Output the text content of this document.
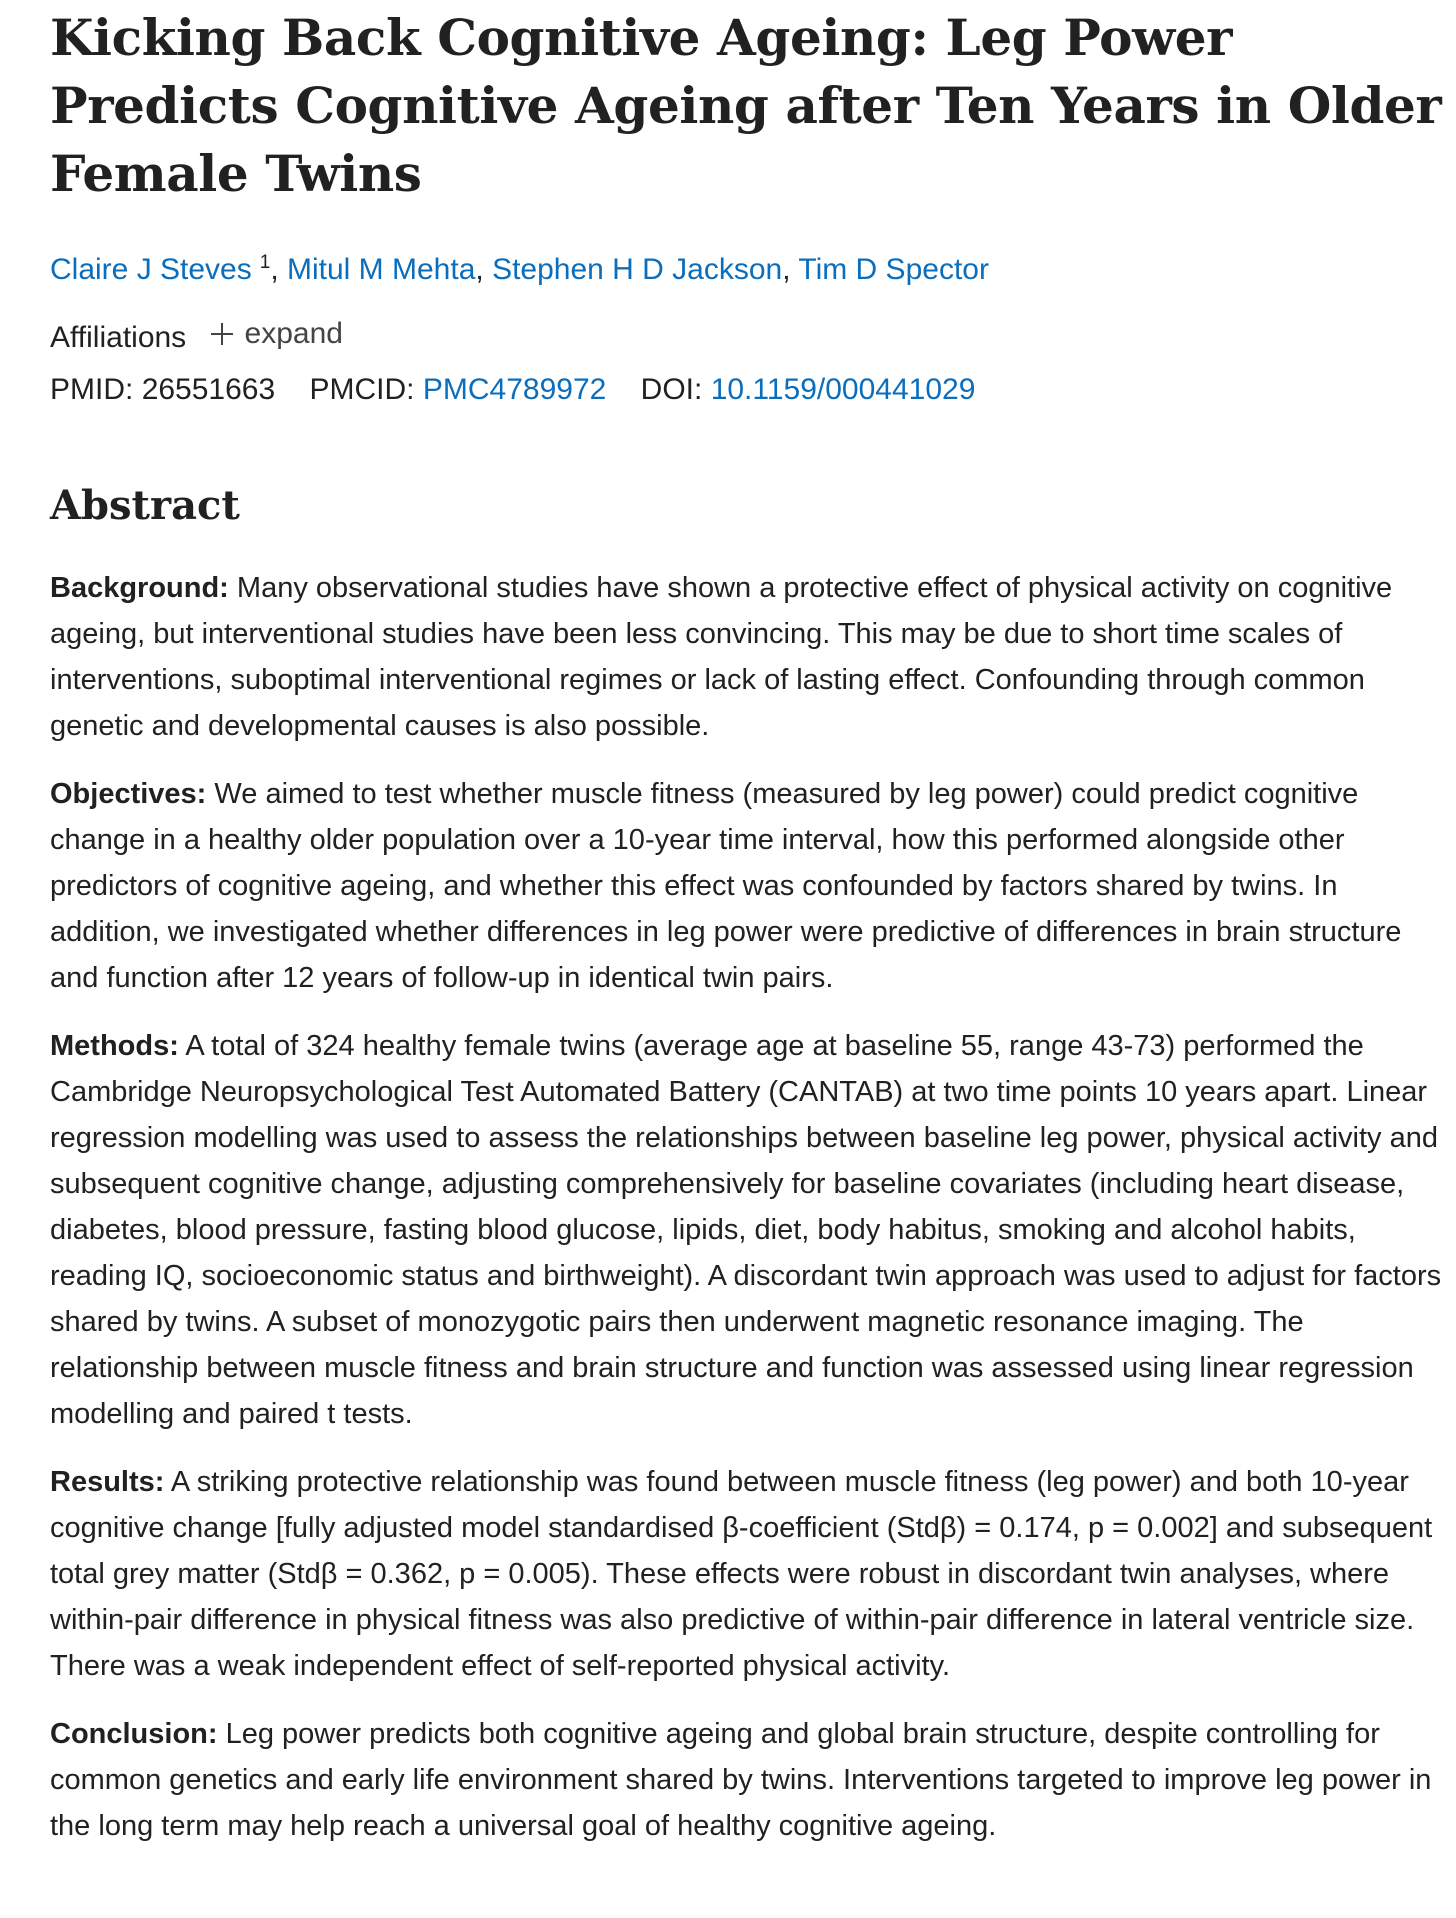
Kicking Back Cognitive Ageing: Leg Power Predicts Cognitive Ageing after Ten Years in Older Female Twins
Claire J Steves $^1$, Mitul M Mehta, Stephen H D Jackson, Tim D Spector
Affiliations expand
PMID: 26551663 PMCID: PMC4789972 DOI: 10.1159/000441029
Abstract

Background: Many observational studies have shown a protective effect of physical activity on cognitive ageing, but interventional studies have been less convincing. This may be due to short time scales of interventions, suboptimal interventional regimes or lack of lasting effect. Confounding through common genetic and developmental causes is also possible.

Objectives: We aimed to test whether muscle fitness (measured by leg power) could predict cognitive change in a healthy older population over a 10-year time interval, how this performed alongside other predictors of cognitive ageing, and whether this effect was confounded by factors shared by twins. In addition, we investigated whether differences in leg power were predictive of differences in brain structure and function after 12 years of follow-up in identical twin pairs.

Methods: A total of 324 healthy female twins (average age at baseline 55, range 43-73) performed the Cambridge Neuropsychological Test Automated Battery (CANTAB) at two time points 10 years apart. Linear regression modelling was used to assess the relationships between baseline leg power, physical activity and subsequent cognitive change, adjusting comprehensively for baseline covariates (including heart disease, diabetes, blood pressure, fasting blood glucose, lipids, diet, body habitus, smoking and alcohol habits, reading IQ, socioeconomic status and birthweight). A discordant twin approach was used to adjust for factors shared by twins. A subset of monozygotic pairs then underwent magnetic resonance imaging. The relationship between muscle fitness and brain structure and function was assessed using linear regression modelling and paired t tests.

Results: A striking protective relationship was found between muscle fitness (leg power) and both 10-year cognitive change [fully adjusted model standardised β-coefficient (Stdβ) = 0.174, p = 0.002] and subsequent total grey matter (Stdβ = 0.362, p = 0.005). These effects were robust in discordant twin analyses, where within-pair difference in physical fitness was also predictive of within-pair difference in lateral ventricle size. There was a weak independent effect of self-reported physical activity.

Conclusion: Leg power predicts both cognitive ageing and global brain structure, despite controlling for common genetics and early life environment shared by twins. Interventions targeted to improve leg power in the long term may help reach a universal goal of healthy cognitive ageing.
